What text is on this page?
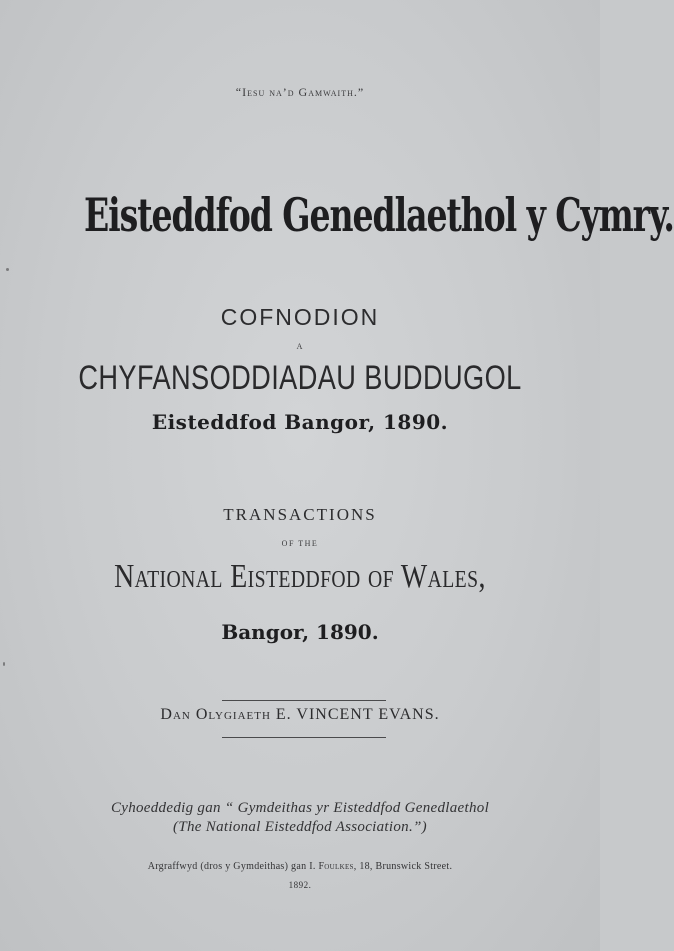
“Iesu na’d Gamwaith.”
Eisteddfod Genedlaethol y Cymry.
COFNODION
A
CHYFANSODDIADAU BUDDUGOL
Eisteddfod Bangor, 1890.
TRANSACTIONS
OF THE
National Eisteddfod of Wales,
Bangor, 1890.
Dan Olygiaeth E. VINCENT EVANS.
Cyhoeddedig gan “ Gymdeithas yr Eisteddfod Genedlaethol
(The National Eisteddfod Association.”)
Argraffwyd (dros y Gymdeithas) gan I. Foulkes, 18, Brunswick Street.
1892.
